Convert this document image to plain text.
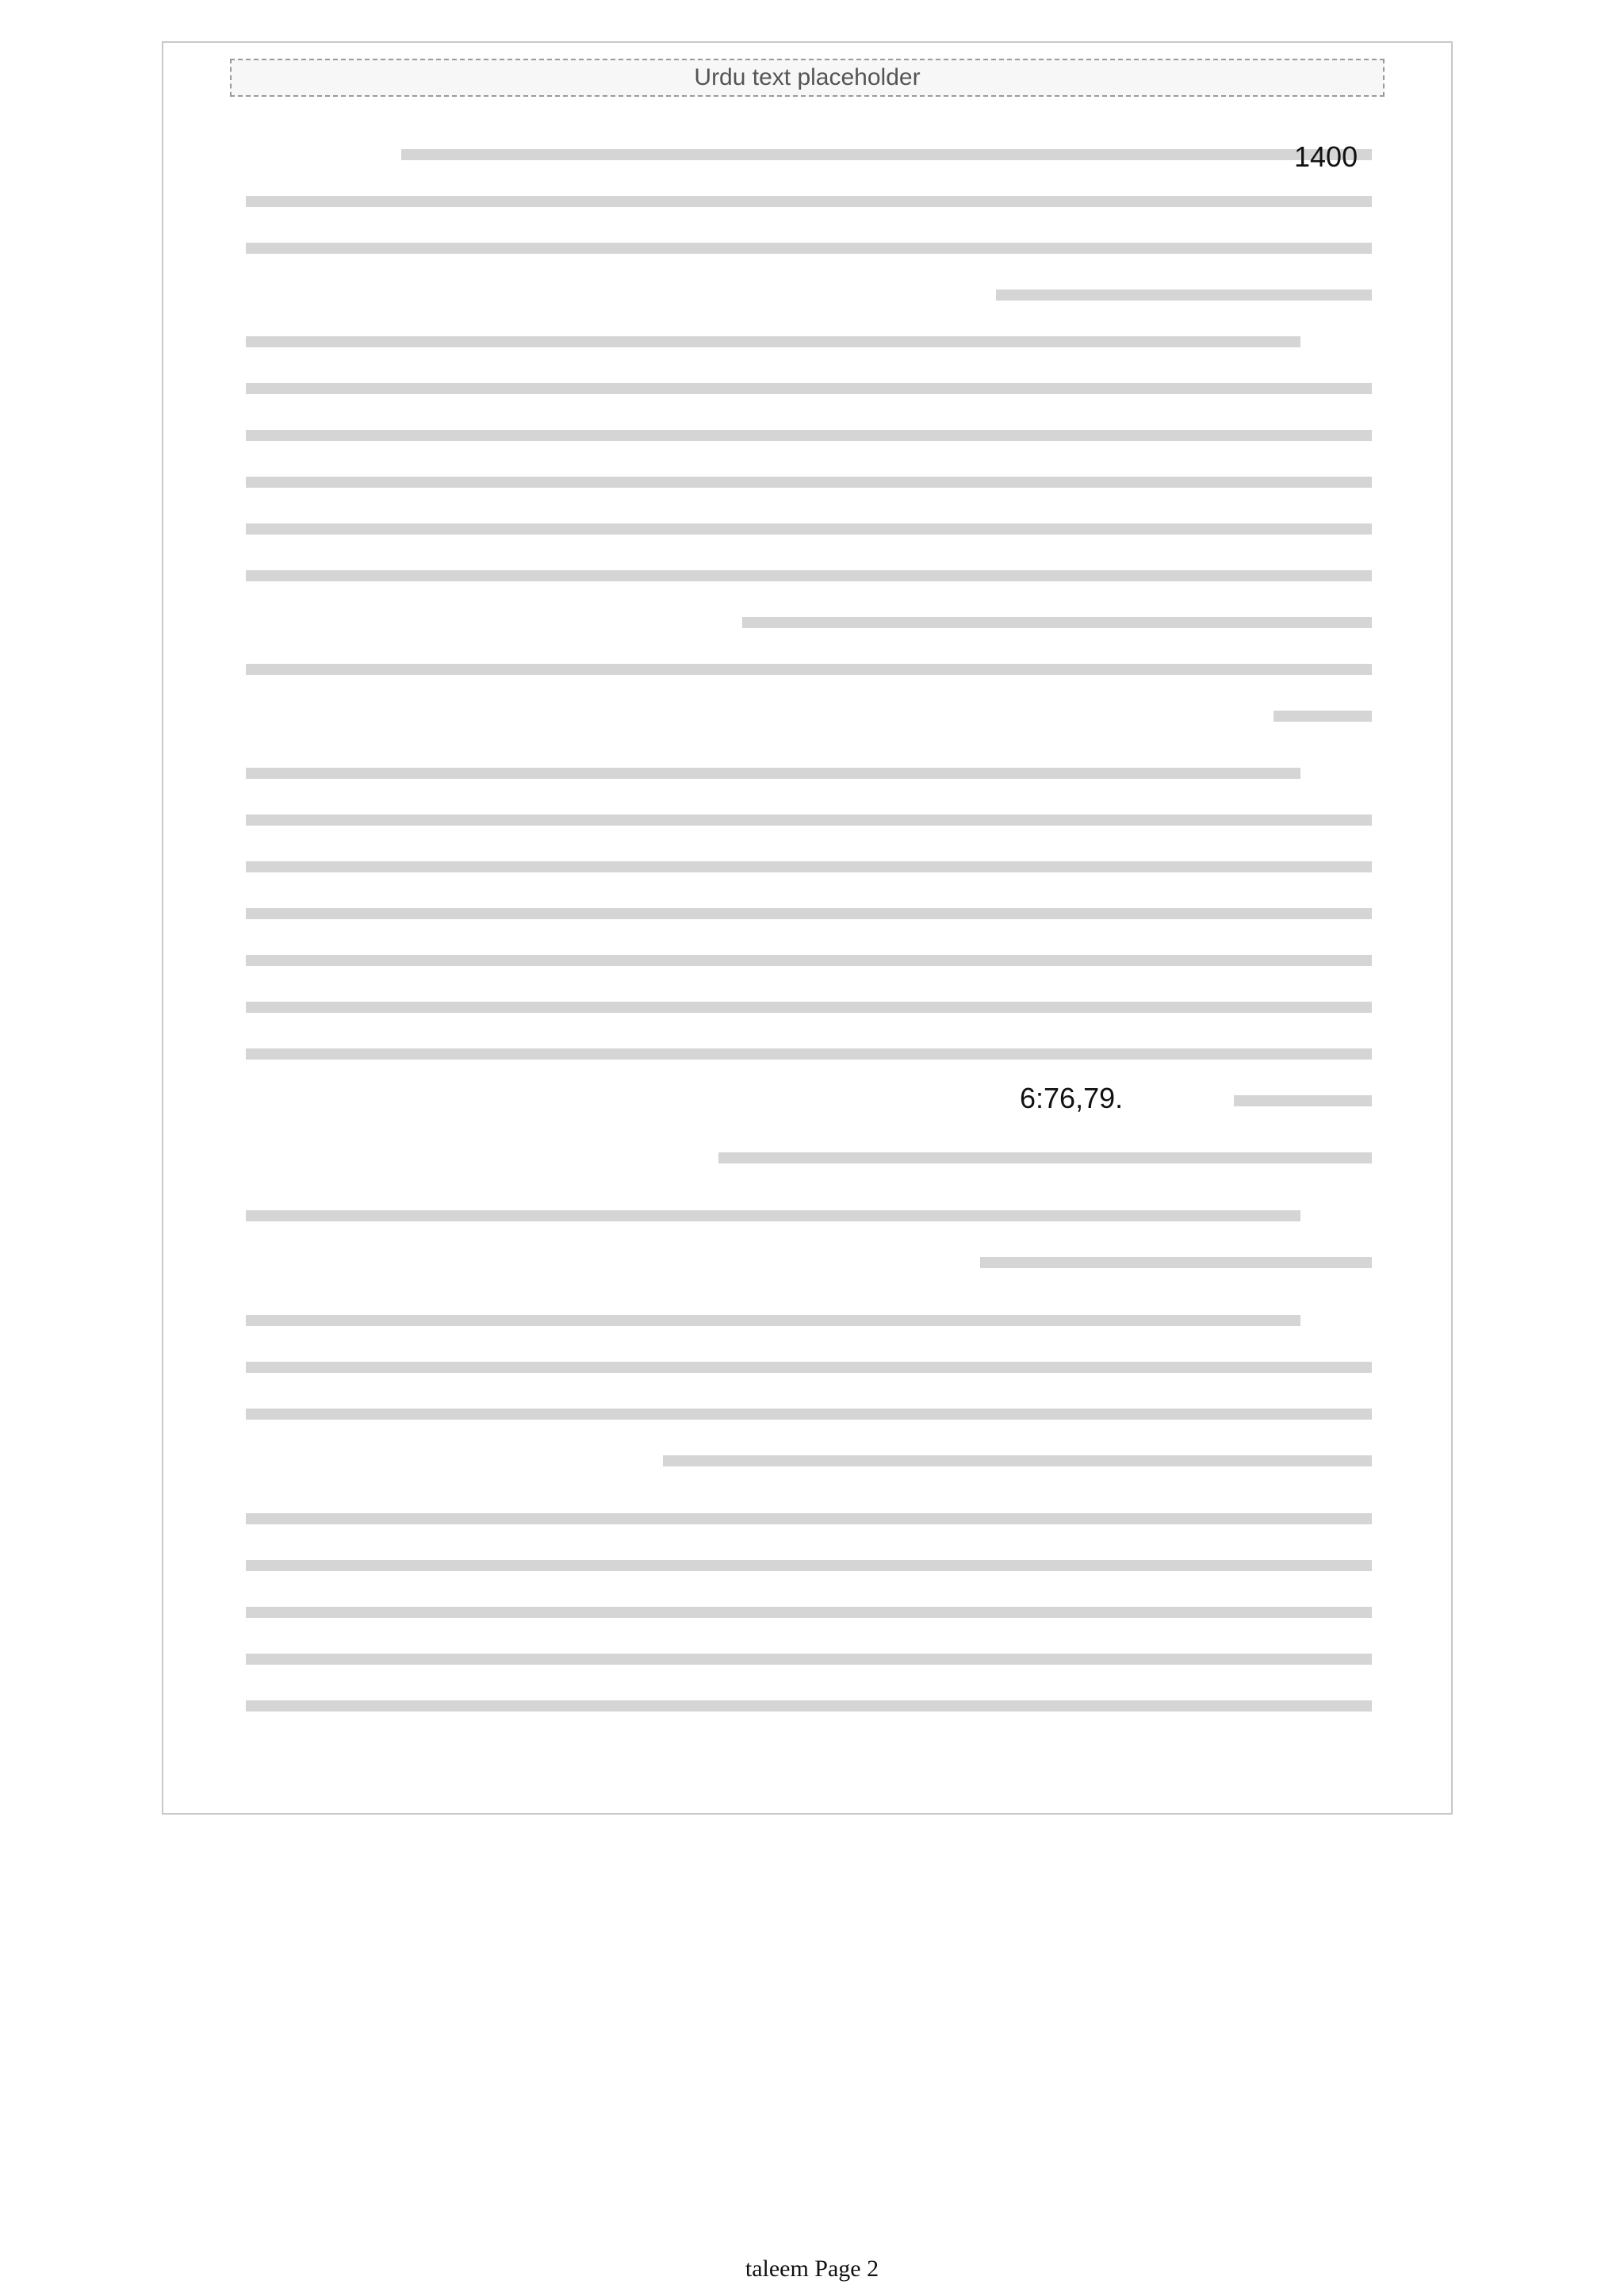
Urdu text placeholder
1400
6:76,79.
taleem Page 2
